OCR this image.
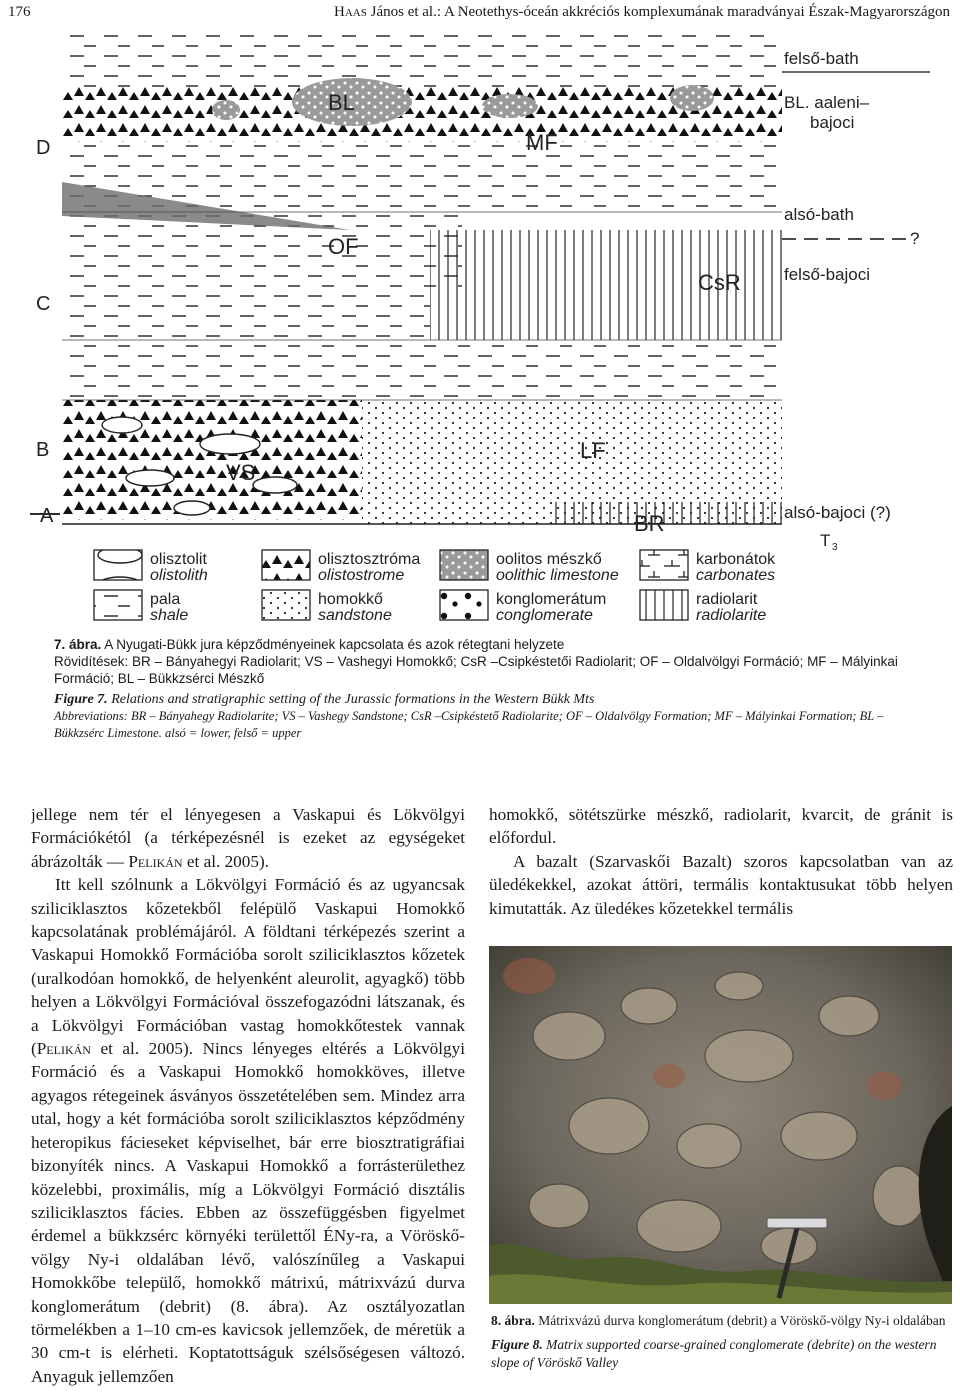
176	Haas János et al.: A Neotethys-óceán akkréciós komplexumának maradványai Észak-Magyarországon
D
C
B
A
BL
MF
OF
CsR
VS
LF
BR
felső-bath
BL. aaleni–
bajoci
alsó-bath
?
felső-bajoci
alsó-bajoci (?)
T 3
olisztolit
olistolith
olisztosztróma
olistostrome
oolitos mészkő
oolithic limestone
karbonátok
carbonates
pala
shale
homokkő
sandstone
konglomerátum
conglomerate
radiolarit
radiolarite

7. ábra. A Nyugati-Bükk jura képződményeinek kapcsolata és azok rétegtani helyzete

Rövidítések: BR – Bányahegyi Radiolarit; VS – Vashegyi Homokkő; CsR –Csipkéstetői Radiolarit; OF – Oldalvölgyi Formáció; MF – Mályinkai Formáció; BL – Bükkzsérci Mészkő

Figure 7. Relations and stratigraphic setting of the Jurassic formations in the Western Bükk Mts

Abbreviations: BR – Bányahegy Radiolarite; VS – Vashegy Sandstone; CsR –Csipkéstető Radiolarite; OF – Oldalvölgy Formation; MF – Mályinkai Formation; BL – Bükkzsérc Limestone. alsó = lower, felső = upper

jellege nem tér el lényegesen a Vaskapui és Lökvölgyi Formációkétól (a térképezésnél is ezeket az egységeket ábrázolták — Pelikán et al. 2005).

Itt kell szólnunk a Lökvölgyi Formáció és az ugyancsak sziliciklasztos kőzetekből felépülő Vaskapui Homokkő kapcsolatának problémájáról. A földtani térképezés szerint a Vaskapui Homokkő Formációba sorolt sziliciklasztos kőzetek (uralkodóan homokkő, de helyenként aleurolit, agyagkő) több helyen a Lökvölgyi Formációval összefogazódni látszanak, és a Lökvölgyi Formációban vastag homokkőtestek vannak (Pelikán et al. 2005). Nincs lényeges eltérés a Lökvölgyi Formáció és a Vaskapui Homokkő homokköves, illetve agyagos rétegeinek ásványos összetételében sem. Mindez arra utal, hogy a két formációba sorolt sziliciklasztos képződmény heteropikus fácieseket képviselhet, bár erre biosztratigráfiai bizonyíték nincs. A Vaskapui Homokkő a forrásterülethez közelebbi, proximális, míg a Lökvölgyi Formáció disztális sziliciklasztos fácies. Ebben az összefüggésben figyelmet érdemel a bükkzsérc környéki területtől ÉNy-ra, a Vöröskő-völgy Ny-i oldalában lévő, valószínűleg a Vaskapui Homokkőbe települő, homokkő mátrixú, mátrixvázú durva konglomerátum (debrit) (8. ábra). Az osztályozatlan törmelékben a 1–10 cm-es kavicsok jellemzőek, de méretük a 30 cm-t is elérheti. Koptatottságuk szélsőségesen változó. Anyaguk jellemzően

homokkő, sötétszürke mészkő, radiolarit, kvarcit, de gránit is előfordul.

A bazalt (Szarvaskői Bazalt) szoros kapcsolatban van az üledékekkel, azokat áttöri, termális kontaktusukat több helyen kimutatták. Az üledékes kőzetekkel termális

8. ábra. Mátrixvázú durva konglomerátum (debrit) a Vöröskő-völgy Ny-i oldalában

Figure 8. Matrix supported coarse-grained conglomerate (debrite) on the western slope of Vöröskő Valley
